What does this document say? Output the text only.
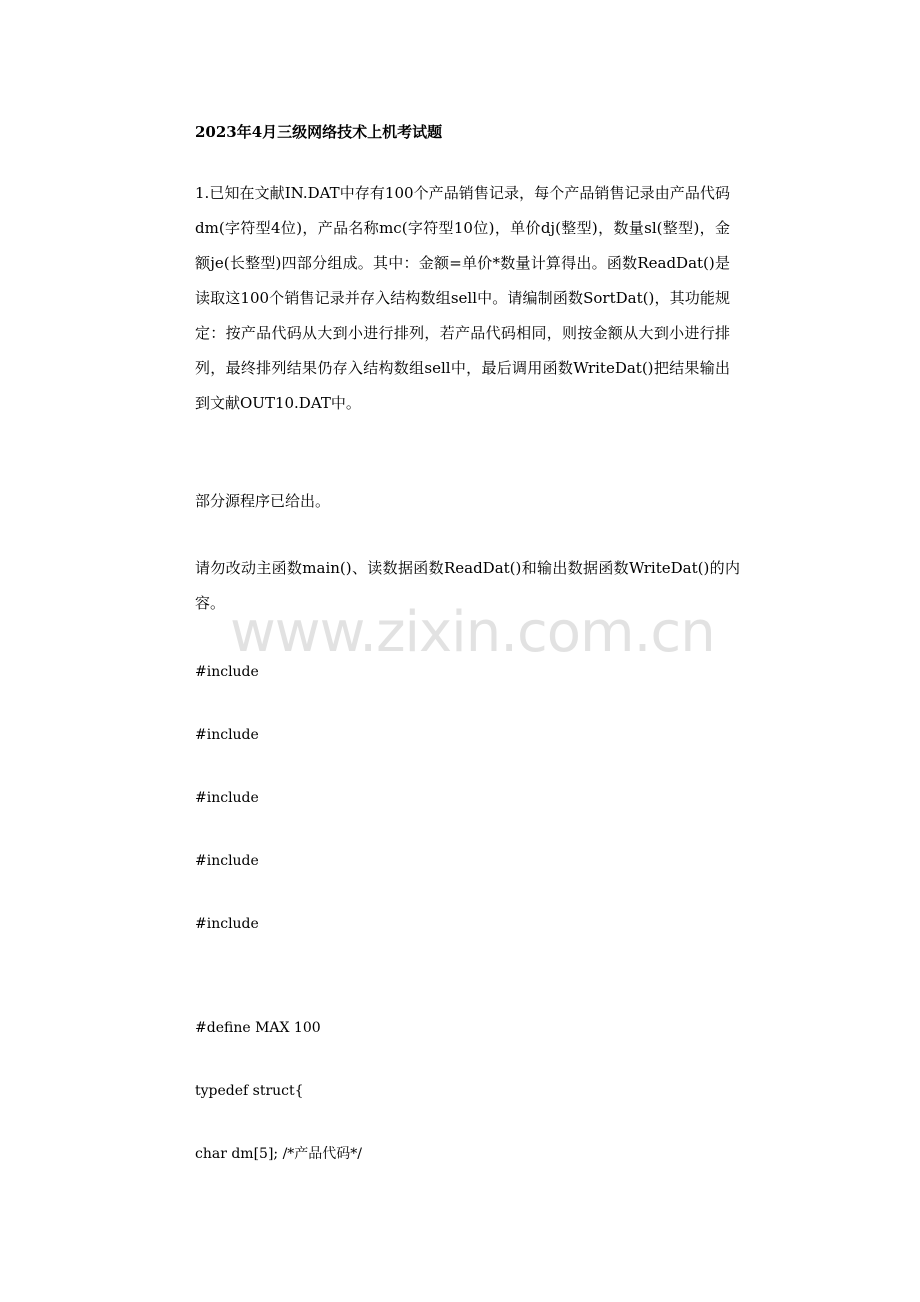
2023年4月三级网络技术上机考试题
1.已知在文献IN.DAT中存有100个产品销售记录，每个产品销售记录由产品代码dm(字符型4位)，产品名称mc(字符型10位)，单价dj(整型)，数量sl(整型)，金额je(长整型)四部分组成。其中：金额=单价*数量计算得出。函数ReadDat()是读取这100个销售记录并存入结构数组sell中。请编制函数SortDat()，其功能规定：按产品代码从大到小进行排列，若产品代码相同，则按金额从大到小进行排列，最终排列结果仍存入结构数组sell中，最后调用函数WriteDat()把结果输出到文献OUT10.DAT中。
部分源程序已给出。
请勿改动主函数main()、读数据函数ReadDat()和输出数据函数WriteDat()的内容。
#include
#include
#include
#include
#include
#define MAX 100
typedef struct{
char dm[5]; /*产品代码*/
www.zixin.com.cn
